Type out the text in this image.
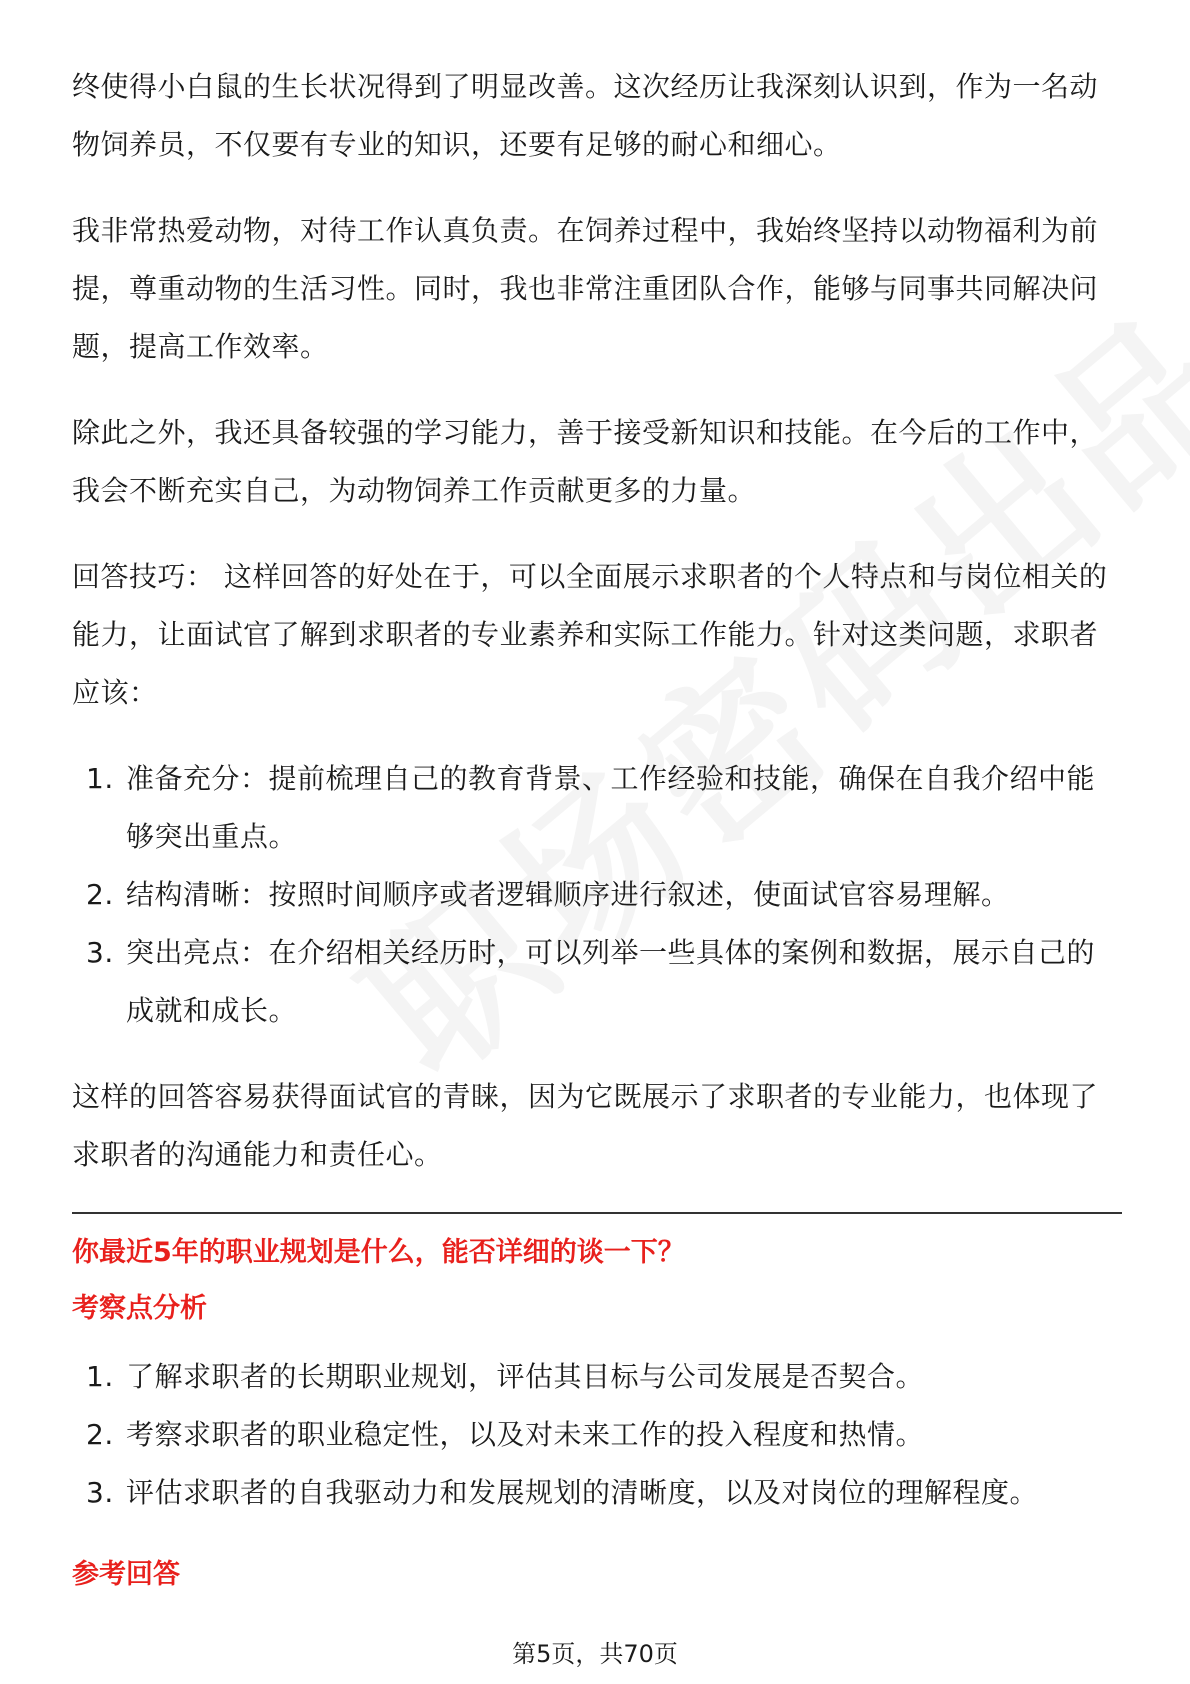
终使得小白鼠的生长状况得到了明显改善。这次经历让我深刻认识到，作为一名动物饲养员，不仅要有专业的知识，还要有足够的耐心和细心。

我非常热爱动物，对待工作认真负责。在饲养过程中，我始终坚持以动物福利为前提，尊重动物的生活习性。同时，我也非常注重团队合作，能够与同事共同解决问题，提高工作效率。

除此之外，我还具备较强的学习能力，善于接受新知识和技能。在今后的工作中，我会不断充实自己，为动物饲养工作贡献更多的力量。

回答技巧： 这样回答的好处在于，可以全面展示求职者的个人特点和与岗位相关的能力，让面试官了解到求职者的专业素养和实际工作能力。针对这类问题，求职者应该：

1. 准备充分：提前梳理自己的教育背景、工作经验和技能，确保在自我介绍中能够突出重点。
2. 结构清晰：按照时间顺序或者逻辑顺序进行叙述，使面试官容易理解。
3. 突出亮点：在介绍相关经历时，可以列举一些具体的案例和数据，展示自己的成就和成长。

这样的回答容易获得面试官的青睐，因为它既展示了求职者的专业能力，也体现了求职者的沟通能力和责任心。

你最近5年的职业规划是什么，能否详细的谈一下？
考察点分析
1. 了解求职者的长期职业规划，评估其目标与公司发展是否契合。
2. 考察求职者的职业稳定性，以及对未来工作的投入程度和热情。
3. 评估求职者的自我驱动力和发展规划的清晰度，以及对岗位的理解程度。
参考回答
第5页，共70页
